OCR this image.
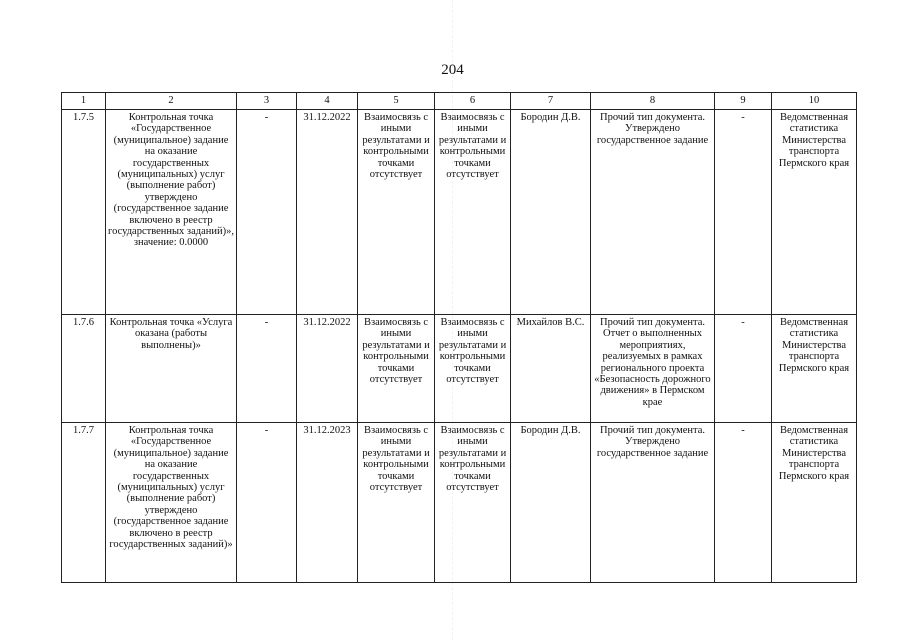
204
1	2	3	4	5	6	7	8	9	10
1.7.5	Контрольная точка «Государственное (муниципальное) задание на оказание государственных (муниципальных) услуг (выполнение работ) утверждено (государственное задание включено в реестр государственных заданий)», значение: 0.0000	-	31.12.2022	Взаимосвязь с иными результатами и контрольными точками отсутствует	Взаимосвязь с иными результатами и контрольными точками отсутствует	Бородин Д.В.	Прочий тип документа. Утверждено государственное задание	-	Ведомственная статистика Министерства транспорта Пермского края
1.7.6	Контрольная точка «Услуга оказана (работы выполнены)»	-	31.12.2022	Взаимосвязь с иными результатами и контрольными точками отсутствует	Взаимосвязь с иными результатами и контрольными точками отсутствует	Михайлов В.С.	Прочий тип документа. Отчет о выполненных мероприятиях, реализуемых в рамках регионального проекта «Безопасность дорожного движения» в Пермском крае	-	Ведомственная статистика Министерства транспорта Пермского края
1.7.7	Контрольная точка «Государственное (муниципальное) задание на оказание государственных (муниципальных) услуг (выполнение работ) утверждено (государственное задание включено в реестр государственных заданий)»	-	31.12.2023	Взаимосвязь с иными результатами и контрольными точками отсутствует	Взаимосвязь с иными результатами и контрольными точками отсутствует	Бородин Д.В.	Прочий тип документа. Утверждено государственное задание	-	Ведомственная статистика Министерства транспорта Пермского края
